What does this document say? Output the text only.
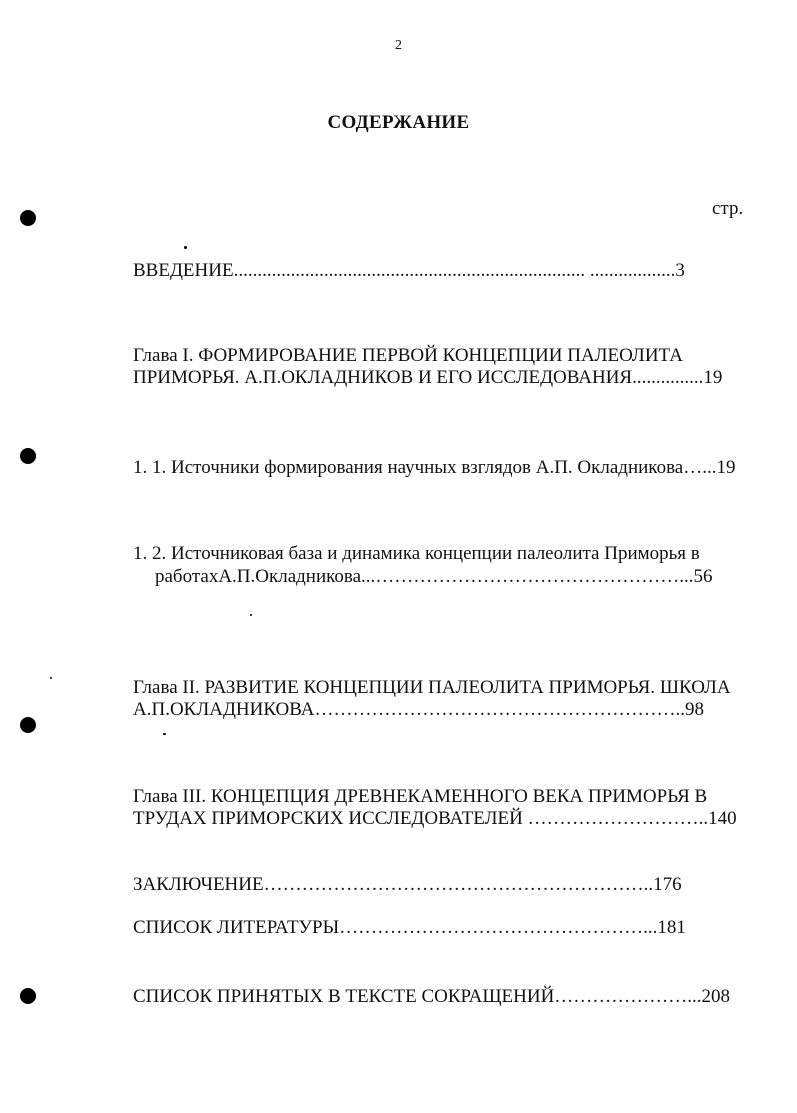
2
СОДЕРЖАНИЕ
стр.
ВВЕДЕНИЕ.......................................................................... ..................3
Глава I. ФОРМИРОВАНИЕ ПЕРВОЙ КОНЦЕПЦИИ ПАЛЕОЛИТА
ПРИМОРЬЯ. А.П.ОКЛАДНИКОВ И ЕГО ИССЛЕДОВАНИЯ...............19
1. 1. Источники формирования научных взглядов А.П. Окладникова…...19
1. 2. Источниковая база и динамика концепции палеолита Приморья в
работахА.П.Окладникова...…………………………………………...56
Глава II. РАЗВИТИЕ КОНЦЕПЦИИ ПАЛЕОЛИТА ПРИМОРЬЯ. ШКОЛА
А.П.ОКЛАДНИКОВА…………………………………………………..98
Глава III. КОНЦЕПЦИЯ ДРЕВНЕКАМЕННОГО ВЕКА ПРИМОРЬЯ В
ТРУДАХ ПРИМОРСКИХ ИССЛЕДОВАТЕЛЕЙ ………………………..140
ЗАКЛЮЧЕНИЕ……………………………………………………..176
СПИСОК ЛИТЕРАТУРЫ…………………………………………...181
СПИСОК ПРИНЯТЫХ В ТЕКСТЕ СОКРАЩЕНИЙ…………………...208
